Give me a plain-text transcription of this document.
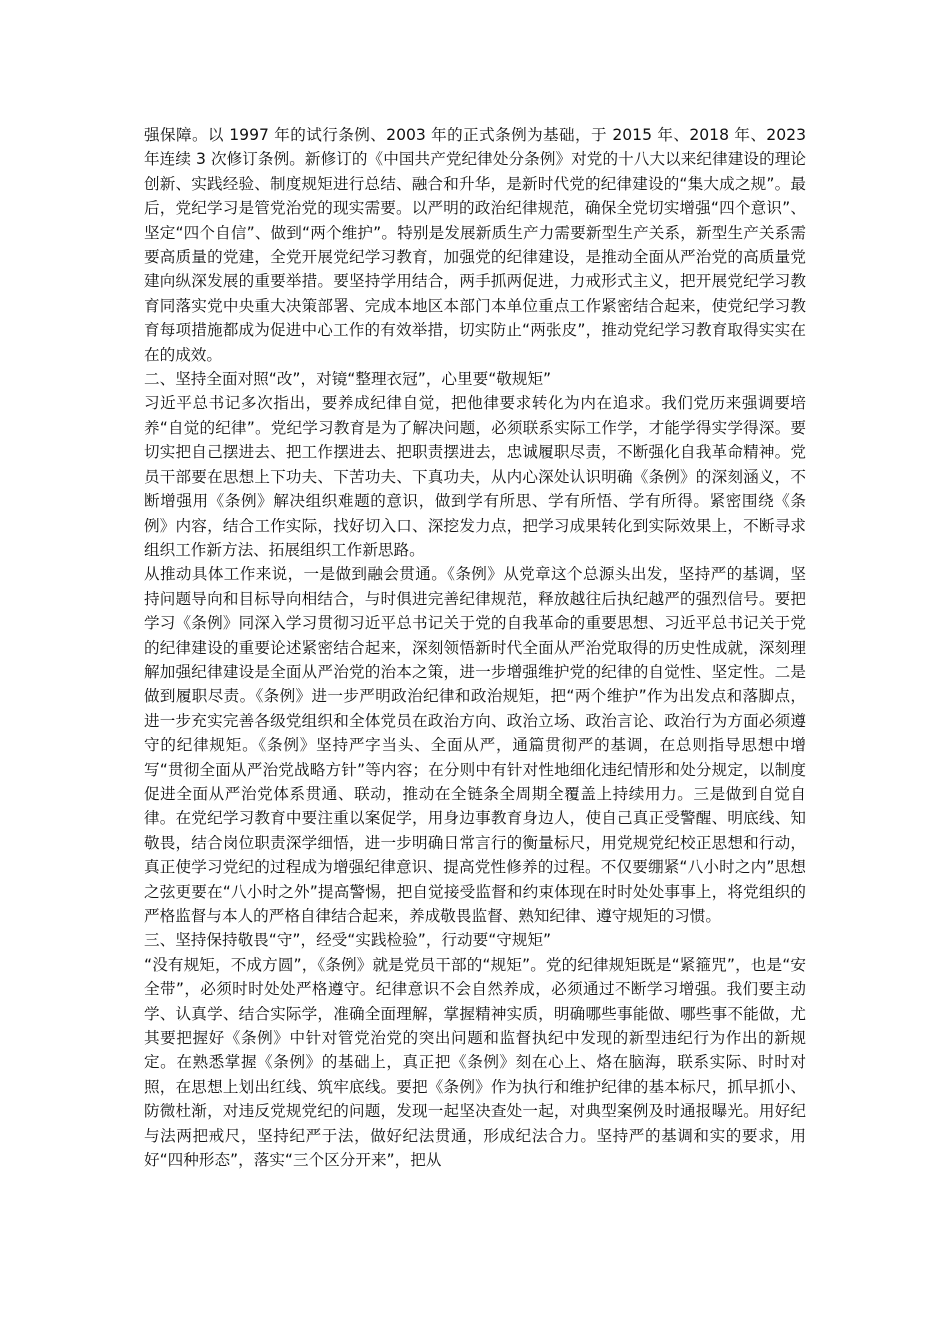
强保障。以 1997 年的试行条例、2003 年的正式条例为基础，于 2015 年、2018 年、2023 年连续 3 次修订条例。新修订的《中国共产党纪律处分条例》对党的十八大以来纪律建设的理论创新、实践经验、制度规矩进行总结、融合和升华，是新时代党的纪律建设的“集大成之规”。最后，党纪学习是管党治党的现实需要。以严明的政治纪律规范，确保全党切实增强“四个意识”、坚定“四个自信”、做到“两个维护”。特别是发展新质生产力需要新型生产关系，新型生产关系需要高质量的党建，全党开展党纪学习教育，加强党的纪律建设，是推动全面从严治党的高质量党建向纵深发展的重要举措。要坚持学用结合，两手抓两促进，力戒形式主义，把开展党纪学习教育同落实党中央重大决策部署、完成本地区本部门本单位重点工作紧密结合起来，使党纪学习教育每项措施都成为促进中心工作的有效举措，切实防止“两张皮”，推动党纪学习教育取得实实在在的成效。

二、坚持全面对照“改”，对镜“整理衣冠”，心里要“敬规矩”

习近平总书记多次指出，要养成纪律自觉，把他律要求转化为内在追求。我们党历来强调要培养“自觉的纪律”。党纪学习教育是为了解决问题，必须联系实际工作学，才能学得实学得深。要切实把自己摆进去、把工作摆进去、把职责摆进去，忠诚履职尽责，不断强化自我革命精神。党员干部要在思想上下功夫、下苦功夫、下真功夫，从内心深处认识明确《条例》的深刻涵义，不断增强用《条例》解决组织难题的意识，做到学有所思、学有所悟、学有所得。紧密围绕《条例》内容，结合工作实际，找好切入口、深挖发力点，把学习成果转化到实际效果上，不断寻求组织工作新方法、拓展组织工作新思路。

从推动具体工作来说，一是做到融会贯通。《条例》从党章这个总源头出发，坚持严的基调，坚持问题导向和目标导向相结合，与时俱进完善纪律规范，释放越往后执纪越严的强烈信号。要把学习《条例》同深入学习贯彻习近平总书记关于党的自我革命的重要思想、习近平总书记关于党的纪律建设的重要论述紧密结合起来，深刻领悟新时代全面从严治党取得的历史性成就，深刻理解加强纪律建设是全面从严治党的治本之策，进一步增强维护党的纪律的自觉性、坚定性。二是做到履职尽责。《条例》进一步严明政治纪律和政治规矩，把“两个维护”作为出发点和落脚点，进一步充实完善各级党组织和全体党员在政治方向、政治立场、政治言论、政治行为方面必须遵守的纪律规矩。《条例》坚持严字当头、全面从严，通篇贯彻严的基调，在总则指导思想中增写“贯彻全面从严治党战略方针”等内容；在分则中有针对性地细化违纪情形和处分规定，以制度促进全面从严治党体系贯通、联动，推动在全链条全周期全覆盖上持续用力。三是做到自觉自律。在党纪学习教育中要注重以案促学，用身边事教育身边人，使自己真正受警醒、明底线、知敬畏，结合岗位职责深学细悟，进一步明确日常言行的衡量标尺，用党规党纪校正思想和行动，真正使学习党纪的过程成为增强纪律意识、提高党性修养的过程。不仅要绷紧“八小时之内”思想之弦更要在“八小时之外”提高警惕，把自觉接受监督和约束体现在时时处处事事上，将党组织的严格监督与本人的严格自律结合起来，养成敬畏监督、熟知纪律、遵守规矩的习惯。

三、坚持保持敬畏“守”，经受“实践检验”，行动要“守规矩”

“没有规矩，不成方圆”，《条例》就是党员干部的“规矩”。党的纪律规矩既是“紧箍咒”，也是“安全带”，必须时时处处严格遵守。纪律意识不会自然养成，必须通过不断学习增强。我们要主动学、认真学、结合实际学，准确全面理解，掌握精神实质，明确哪些事能做、哪些事不能做，尤其要把握好《条例》中针对管党治党的突出问题和监督执纪中发现的新型违纪行为作出的新规定。在熟悉掌握《条例》的基础上，真正把《条例》刻在心上、烙在脑海，联系实际、时时对照，在思想上划出红线、筑牢底线。要把《条例》作为执行和维护纪律的基本标尺，抓早抓小、防微杜渐，对违反党规党纪的问题，发现一起坚决查处一起，对典型案例及时通报曝光。用好纪与法两把戒尺，坚持纪严于法，做好纪法贯通，形成纪法合力。坚持严的基调和实的要求，用好“四种形态”，落实“三个区分开来”，把从
